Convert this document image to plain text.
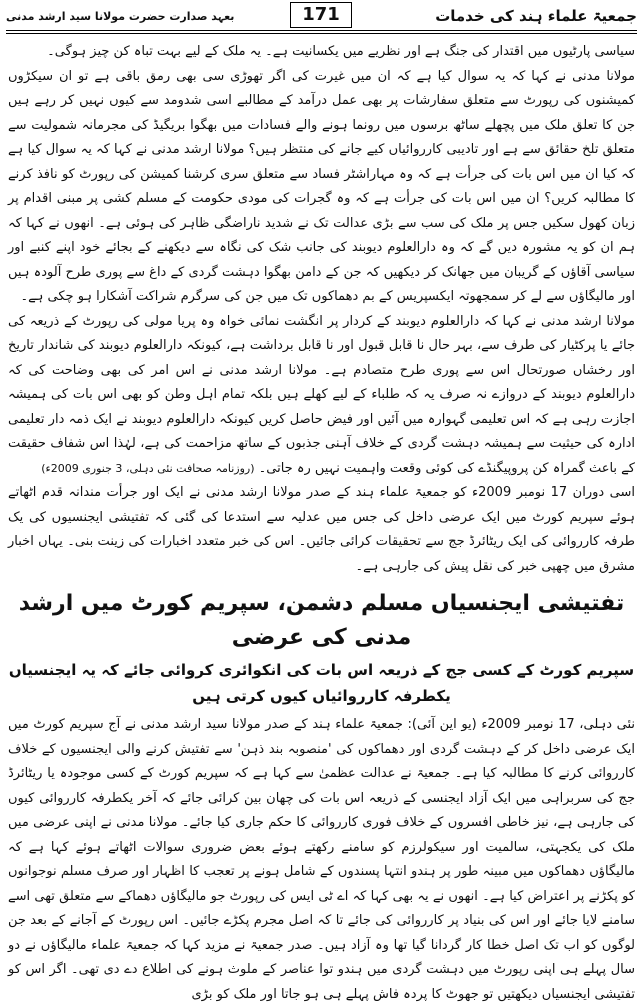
جمعیۃ علماء ہند کی خدمات
بعہد صدارت حضرت مولانا سید ارشد مدنی	171

سیاسی پارٹیوں میں اقتدار کی جنگ ہے اور نظریے میں یکسانیت ہے۔ یہ ملک کے لیے بہت تباہ کن چیز ہوگی۔

مولانا مدنی نے کہا کہ یہ سوال کیا ہے کہ ان میں غیرت کی اگر تھوڑی سی بھی رمق باقی ہے تو ان سیکڑوں کمیشنوں کی رپورٹ سے متعلق سفارشات پر بھی عمل درآمد کے مطالبے اسی شدومد سے کیوں نہیں کر رہے ہیں جن کا تعلق ملک میں پچھلے ساٹھ برسوں میں رونما ہونے والے فسادات میں بھگوا بریگیڈ کی مجرمانہ شمولیت سے متعلق تلخ حقائق سے ہے اور تادیبی کارروائیاں کیے جانے کی منتظر ہیں؟ مولانا ارشد مدنی نے کہا کہ یہ سوال کیا ہے کہ کیا ان میں اس بات کی جرأت ہے کہ وہ مہاراشٹر فساد سے متعلق سری کرشنا کمیشن کی رپورٹ کو نافذ کرنے کا مطالبہ کریں؟ ان میں اس بات کی جرأت ہے کہ وہ گجرات کی مودی حکومت کے مسلم کشی پر مبنی اقدام پر زبان کھول سکیں جس پر ملک کی سب سے بڑی عدالت تک نے شدید ناراضگی ظاہر کی ہوئی ہے۔ انھوں نے کہا کہ ہم ان کو یہ مشورہ دیں گے کہ وہ دارالعلوم دیوبند کی جانب شک کی نگاہ سے دیکھنے کے بجائے خود اپنے کنبے اور سیاسی آقاؤں کے گریبان میں جھانک کر دیکھیں کہ جن کے دامن بھگوا دہشت گردی کے داغ سے پوری طرح آلودہ ہیں اور مالیگاؤں سے لے کر سمجھوتہ ایکسپریس کے بم دھماکوں تک میں جن کی سرگرم شراکت آشکارا ہو چکی ہے۔

مولانا ارشد مدنی نے کہا کہ دارالعلوم دیوبند کے کردار پر انگشت نمائی خواہ وہ پریا مولی کی رپورٹ کے ذریعہ کی جائے یا پرکٹیار کی طرف سے، بہر حال نا قابل قبول اور نا قابل برداشت ہے، کیونکہ دارالعلوم دیوبند کی شاندار تاریخ اور رخشاں صورتحال اس سے پوری طرح متصادم ہے۔ مولانا ارشد مدنی نے اس امر کی بھی وضاحت کی کہ دارالعلوم دیوبند کے دروازے نہ صرف یہ کہ طلباء کے لیے کھلے ہیں بلکہ تمام اہل وطن کو بھی اس بات کی ہمیشہ اجازت رہی ہے کہ اس تعلیمی گہوارہ میں آئیں اور فیض حاصل کریں کیونکہ دارالعلوم دیوبند نے ایک ذمہ دار تعلیمی ادارہ کی حیثیت سے ہمیشہ دہشت گردی کے خلاف آہنی جذبوں کے ساتھ مزاحمت کی ہے، لہٰذا اس شفاف حقیقت کے باعث گمراہ کن پروپیگنڈے کی کوئی وقعت واہمیت نہیں رہ جاتی۔ (روزنامہ صحافت نئی دہلی، 3 جنوری 2009ء)

اسی دوران 17 نومبر 2009ء کو جمعیۃ علماء ہند کے صدر مولانا ارشد مدنی نے ایک اور جرأت مندانہ قدم اٹھاتے ہوئے سپریم کورٹ میں ایک عرضی داخل کی جس میں عدلیہ سے استدعا کی گئی کہ تفتیشی ایجنسیوں کی یک طرفہ کارروائی کی ایک ریٹائرڈ جج سے تحقیقات کرائی جائیں۔ اس کی خبر متعدد اخبارات کی زینت بنی۔ یہاں اخبار مشرق میں چھپی خبر کی نقل پیش کی جارہی ہے۔

تفتیشی ایجنسیاں مسلم دشمن، سپریم کورٹ میں ارشد مدنی کی عرضی
سپریم کورٹ کے کسی جج کے ذریعہ اس بات کی انکوائری کروائی جائے کہ یہ ایجنسیاں یکطرفہ کارروائیاں کیوں کرتی ہیں

نئی دہلی، 17 نومبر 2009ء (یو این آئی): جمعیۃ علماء ہند کے صدر مولانا سید ارشد مدنی نے آج سپریم کورٹ میں ایک عرضی داخل کر کے دہشت گردی اور دھماکوں کی 'منصوبہ بند ذہن' سے تفتیش کرنے والی ایجنسیوں کے خلاف کارروائی کرنے کا مطالبہ کیا ہے۔ جمعیۃ نے عدالت عظمیٰ سے کہا ہے کہ سپریم کورٹ کے کسی موجودہ یا ریٹائرڈ جج کی سربراہی میں ایک آزاد ایجنسی کے ذریعہ اس بات کی چھان بین کرائی جائے کہ آخر یکطرفہ کارروائی کیوں کی جارہی ہے، نیز خاطی افسروں کے خلاف فوری کارروائی کا حکم جاری کیا جائے۔ مولانا مدنی نے اپنی عرضی میں ملک کی یکجہتی، سالمیت اور سیکولرزم کو سامنے رکھتے ہوئے بعض ضروری سوالات اٹھاتے ہوئے کہا ہے کہ مالیگاؤں دھماکوں میں مبینہ طور پر ہندو انتہا پسندوں کے شامل ہونے پر تعجب کا اظہار اور صرف مسلم نوجوانوں کو پکڑنے پر اعتراض کیا ہے۔ انھوں نے یہ بھی کہا کہ اے ٹی ایس کی رپورٹ جو مالیگاؤں دھماکے سے متعلق تھی اسے سامنے لایا جائے اور اس کی بنیاد پر کارروائی کی جائے تا کہ اصل مجرم پکڑے جائیں۔ اس رپورٹ کے آجانے کے بعد جن لوگوں کو اب تک اصل خطا کار گردانا گیا تھا وہ آزاد ہیں۔ صدر جمعیۃ نے مزید کہا کہ جمعیۃ علماء مالیگاؤں نے دو سال پہلے ہی اپنی رپورٹ میں دہشت گردی میں ہندو توا عناصر کے ملوث ہونے کی اطلاع دے دی تھی۔ اگر اس کو تفتیشی ایجنسیاں دیکھتیں تو جھوٹ کا پردہ فاش پہلے ہی ہو جاتا اور ملک کو بڑی
